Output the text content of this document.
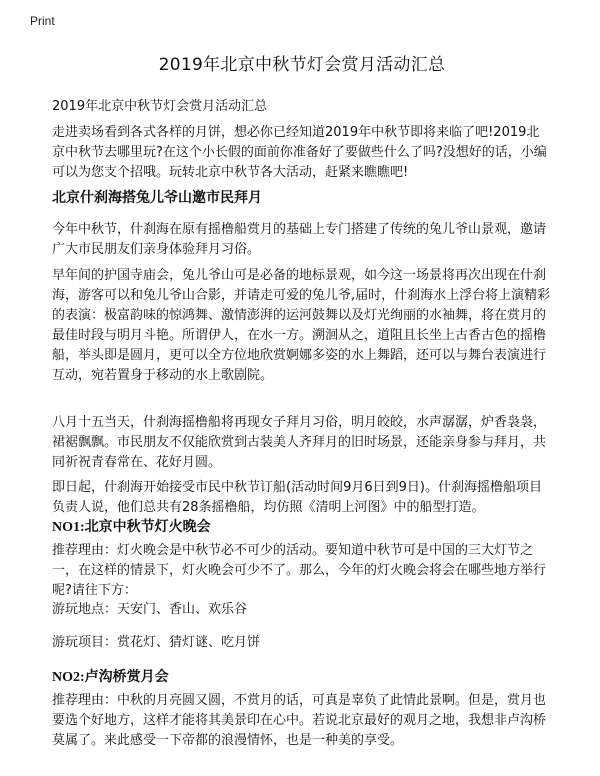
Print
2019年北京中秋节灯会赏月活动汇总
2019年北京中秋节灯会赏月活动汇总

走进卖场看到各式各样的月饼，想必你已经知道2019年中秋节即将来临了吧!2019北京中秋节去哪里玩?在这个小长假的面前你准备好了要做些什么了吗?没想好的话，小编可以为您支个招哦。玩转北京中秋节各大活动，赶紧来瞧瞧吧!

北京什刹海搭兔儿爷山邀市民拜月

今年中秋节，什刹海在原有摇橹船赏月的基础上专门搭建了传统的兔儿爷山景观，邀请广大市民朋友们亲身体验拜月习俗。

早年间的护国寺庙会，兔儿爷山可是必备的地标景观，如今这一场景将再次出现在什刹海，游客可以和兔儿爷山合影，并请走可爱的兔儿爷,届时，什刹海水上浮台将上演精彩的表演：极富韵味的惊鸿舞、激情澎湃的运河鼓舞以及灯光绚丽的水袖舞，将在赏月的最佳时段与明月斗艳。所谓伊人，在水一方。溯洄从之，道阻且长坐上古香古色的摇橹船，举头即是圆月，更可以全方位地欣赏婀娜多姿的水上舞蹈，还可以与舞台表演进行互动，宛若置身于移动的水上歌剧院。

八月十五当天，什刹海摇橹船将再现女子拜月习俗，明月皎皎，水声潺潺，炉香袅袅，裙裾飘飘。市民朋友不仅能欣赏到古装美人齐拜月的旧时场景，还能亲身参与拜月，共同祈祝青春常在、花好月圆。

即日起，什刹海开始接受市民中秋节订船(活动时间9月6日到9日)。什刹海摇橹船项目负责人说，他们总共有28条摇橹船，均仿照《清明上河图》中的船型打造。

NO1:北京中秋节灯火晚会

推荐理由：灯火晚会是中秋节必不可少的活动。要知道中秋节可是中国的三大灯节之一，在这样的情景下，灯火晚会可少不了。那么，今年的灯火晚会将会在哪些地方举行呢?请往下方：

游玩地点：天安门、香山、欢乐谷

游玩项目：赏花灯、猜灯谜、吃月饼

NO2:卢沟桥赏月会

推荐理由：中秋的月亮圆又圆，不赏月的话，可真是辜负了此情此景啊。但是，赏月也要选个好地方，这样才能将其美景印在心中。若说北京最好的观月之地，我想非卢沟桥莫属了。来此感受一下帝都的浪漫情怀，也是一种美的享受。
